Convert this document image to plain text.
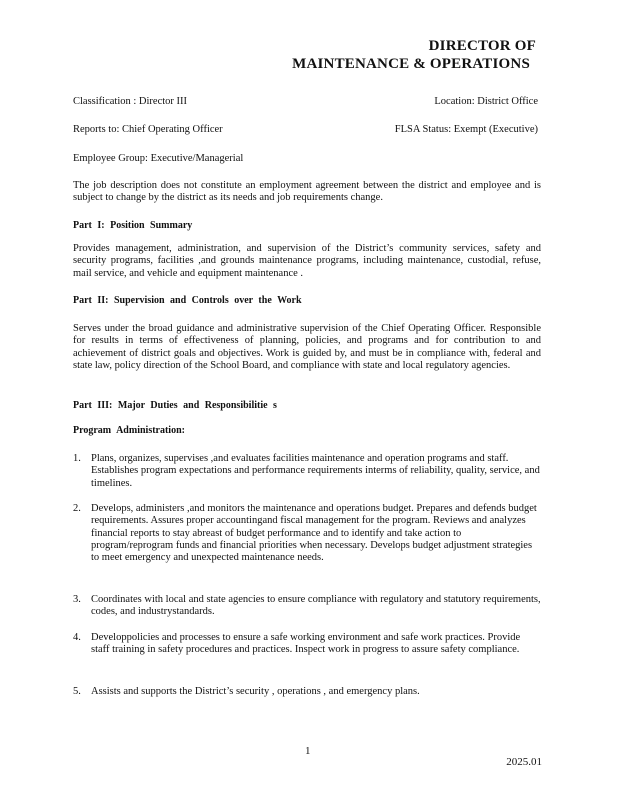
DIRECTOR OF
MAINTENANCE & OPERATIONS
Classification : Director III	Location: District Office
Reports to: Chief Operating Officer	FLSA Status: Exempt (Executive)
Employee Group: Executive/Managerial
The job description does not constitute an employment agreement between the district and employee and is subject to change by the district as its needs and job requirements change.
Part I: Position Summary
Provides management, administration, and supervision of the District’s community services, safety and security programs, facilities ,and grounds maintenance programs, including maintenance, custodial, refuse, mail service, and vehicle and equipment maintenance .
Part II: Supervision and Controls over the Work
Serves under the broad guidance and administrative supervision of the Chief Operating Officer. Responsible for results in terms of effectiveness of planning, policies, and programs and for contribution to and achievement of district goals and objectives. Work is guided by, and must be in compliance with, federal and state law, policy direction of the School Board, and compliance with state and local regulatory agencies.
Part III: Major Duties and Responsibilitie s
Program Administration:
1. Plans, organizes, supervises ,and evaluates facilities maintenance and operation programs and staff. Establishes program expectations and performance requirements interms of reliability, quality, service, and timelines.
2. Develops, administers ,and monitors the maintenance and operations budget. Prepares and defends budget requirements. Assures proper accountingand fiscal management for the program. Reviews and analyzes financial reports to stay abreast of budget performance and to identify and take action to program/reprogram funds and financial priorities when necessary. Develops budget adjustment strategies to meet emergency and unexpected maintenance needs.
3. Coordinates with local and state agencies to ensure compliance with regulatory and statutory requirements, codes, and industrystandards.
4. Developpolicies and processes to ensure a safe working environment and safe work practices. Provide staff training in safety procedures and practices. Inspect work in progress to assure safety compliance.
5. Assists and supports the District’s security , operations , and emergency plans.
1
2025.01
